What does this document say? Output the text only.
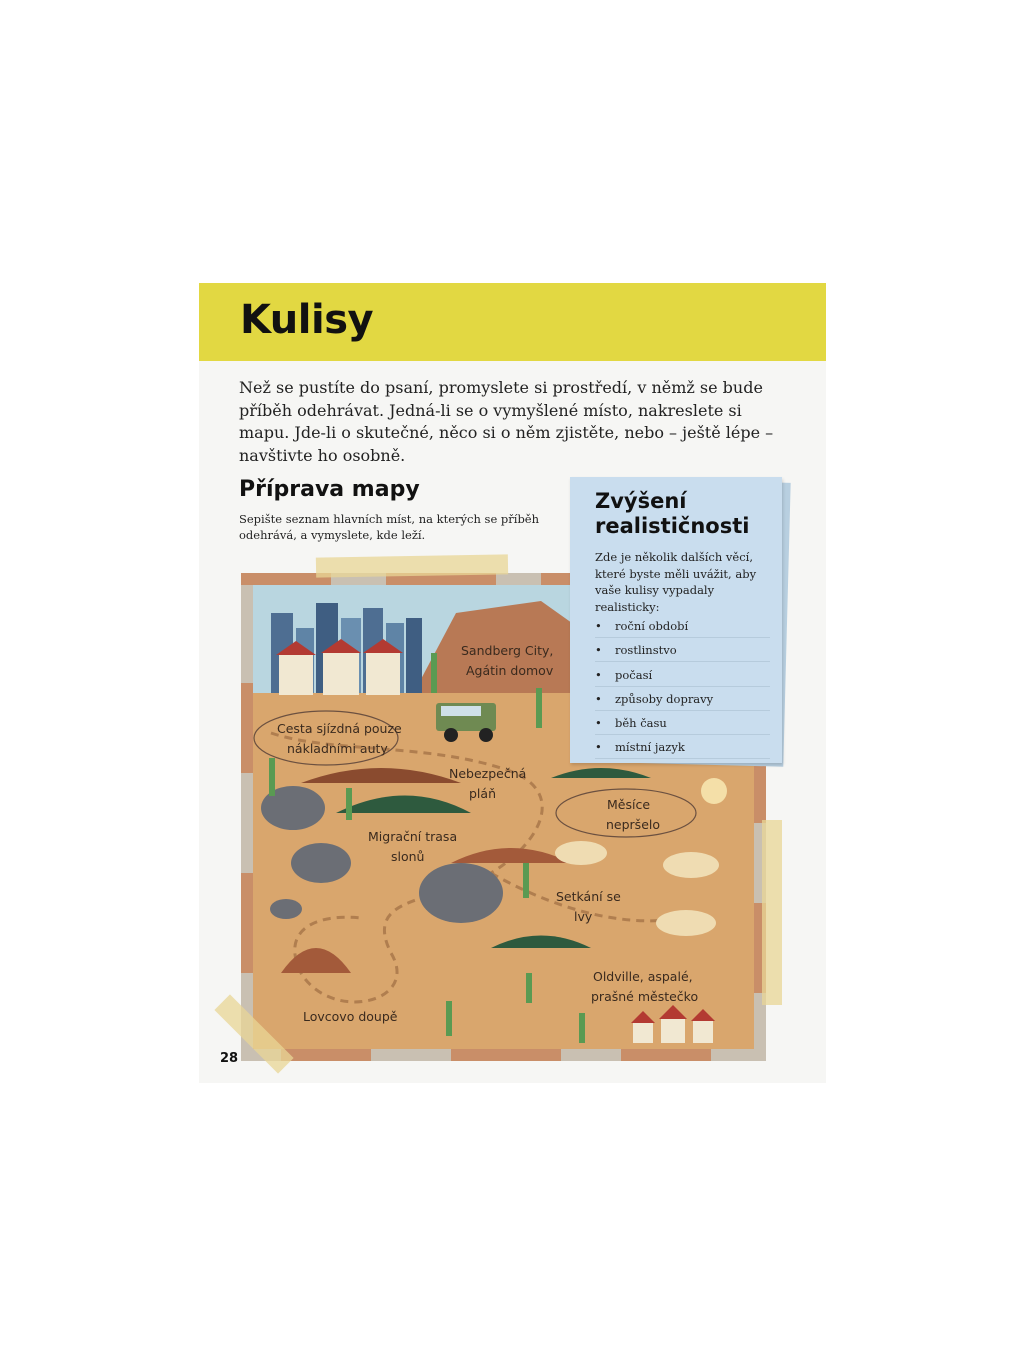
Kulisy
Než se pustíte do psaní, promyslete si prostředí, v němž se bude příběh odehrávat. Jedná-li se o vymyšlené místo, nakreslete si mapu. Jde-li o skutečné, něco si o něm zjistěte, nebo – ještě lépe – navštivte ho osobně.
Příprava mapy
Sepište seznam hlavních míst, na kterých se příběh odehrává, a vymyslete, kde leží.
Sandberg City,
Agátin domov
Cesta sjízdná pouze
nákladními auty
Nebezpečná
pláň
Měsíce
nepršelo
Migrační trasa
slonů
Setkání se
lvy
Oldville, aspalé,
prašné městečko
Lovcovo doupě
Zvýšení realističnosti
Zde je několik dalších věcí, které byste měli uvážit, aby vaše kulisy vypadaly realisticky:
• roční období
• rostlinstvo
• počasí
• způsoby dopravy
• běh času
• místní jazyk
28
